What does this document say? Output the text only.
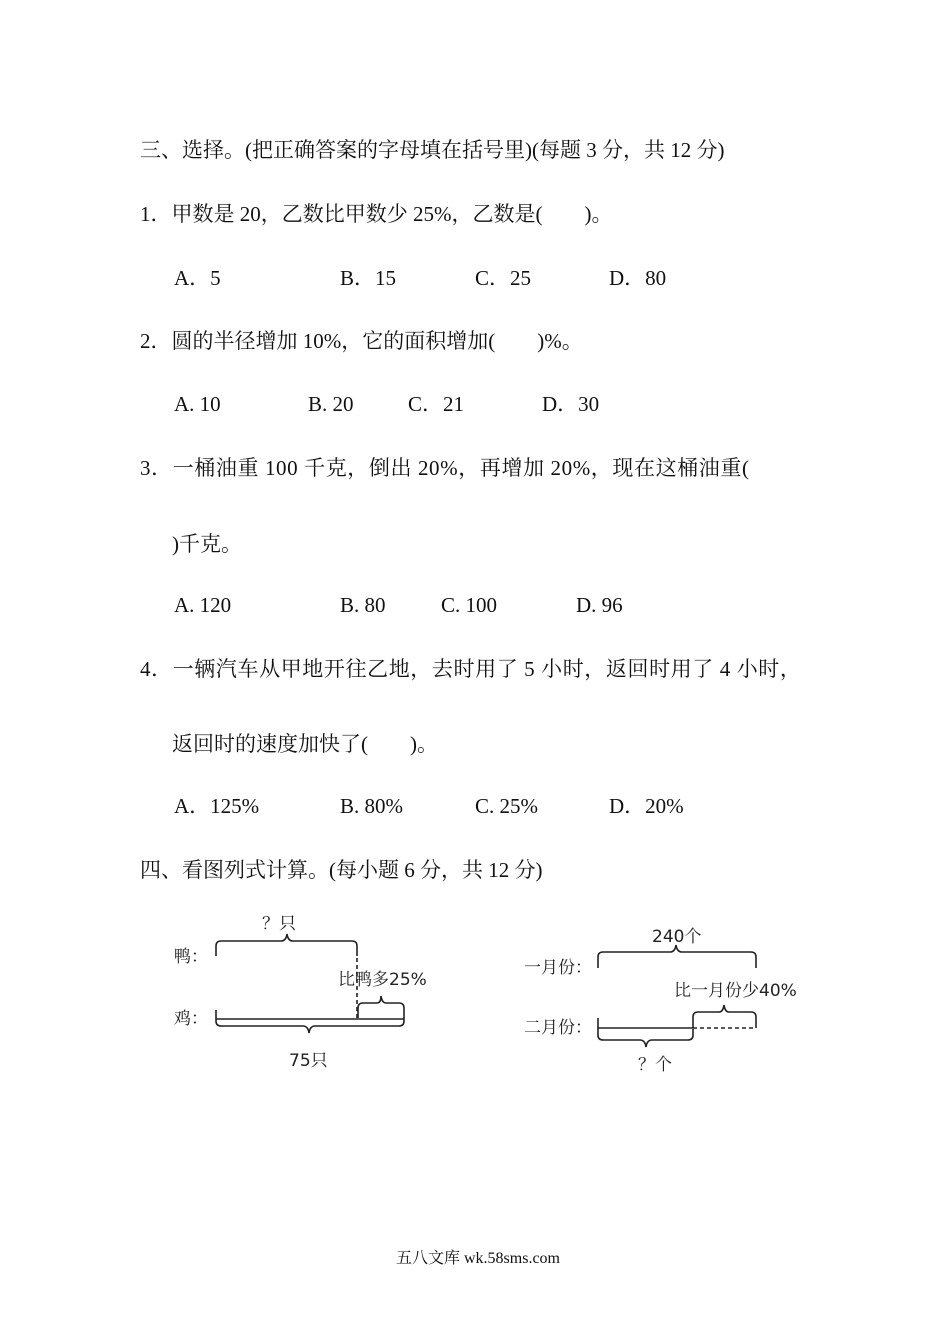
三、选择。(把正确答案的字母填在括号里)(每题 3 分，共 12 分)
1．甲数是 20，乙数比甲数少 25%，乙数是(　　)。
A．5	B．15	C．25	D．80
2．圆的半径增加 10%，它的面积增加(　　)%。
A. 10	B. 20	C．21	D．30
3．一桶油重 100 千克，倒出 20%，再增加 20%，现在这桶油重(
)千克。
A. 120	B. 80	C. 100	D. 96
4．一辆汽车从甲地开往乙地，去时用了 5 小时，返回时用了 4 小时，
返回时的速度加快了(　　)。
A．125%	B. 80%	C. 25%	D．20%
四、看图列式计算。(每小题 6 分，共 12 分)
？只
鸭：
比鸭多25%
鸡：
75只
240个
一月份：
比一月份少40%
二月份：
？个
五八文库 wk.58sms.com
